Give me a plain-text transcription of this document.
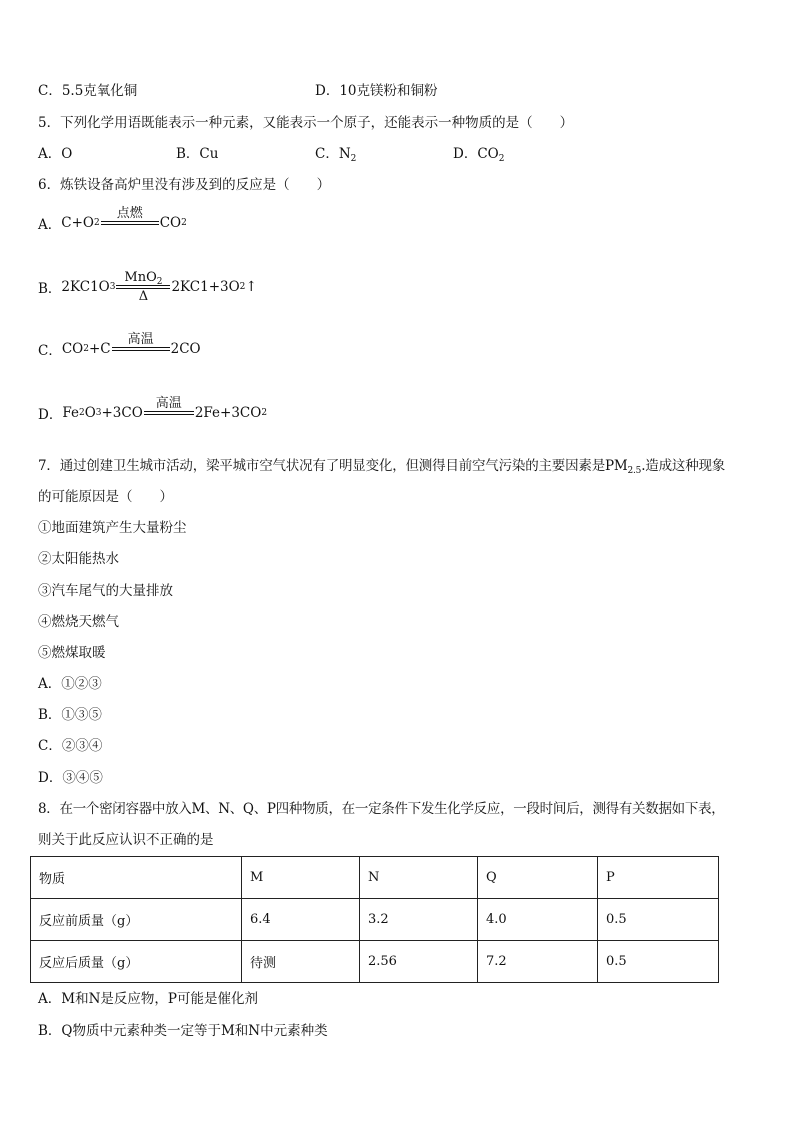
C．5.5克氧化铜	D．10克镁粉和铜粉
5．下列化学用语既能表示一种元素，又能表示一个原子，还能表示一种物质的是（　　）
A．O	B．Cu	C．$N_2$	D．$CO_2$
6．炼铁设备高炉里没有涉及到的反应是（　　）
A． C+O 2
点燃

CO 2
B． 2KC1O 3
MnO$_2$
Δ
2KC1+3O 2 ↑
C． CO 2 +C
高温

2CO
D． Fe 2 O 3 +3CO
高温

2Fe+3CO 2
7．通过创建卫生城市活动，梁平城市空气状况有了明显变化，但测得目前空气污染的主要因素是$PM_{2.5}$.造成这种现象
的可能原因是（　　）
①地面建筑产生大量粉尘
②太阳能热水
③汽车尾气的大量排放
④燃烧天燃气
⑤燃煤取暖
A．①②③
B．①③⑤
C．②③④
D．③④⑤
8．在一个密闭容器中放入M、N、Q、P四种物质，在一定条件下发生化学反应，一段时间后，测得有关数据如下表，
则关于此反应认识不正确的是
物质	M	N	Q	P
反应前质量（g）	6.4	3.2	4.0	0.5
反应后质量（g）	待测	2.56	7.2	0.5
A．M和N是反应物，P可能是催化剂
B．Q物质中元素种类一定等于M和N中元素种类
